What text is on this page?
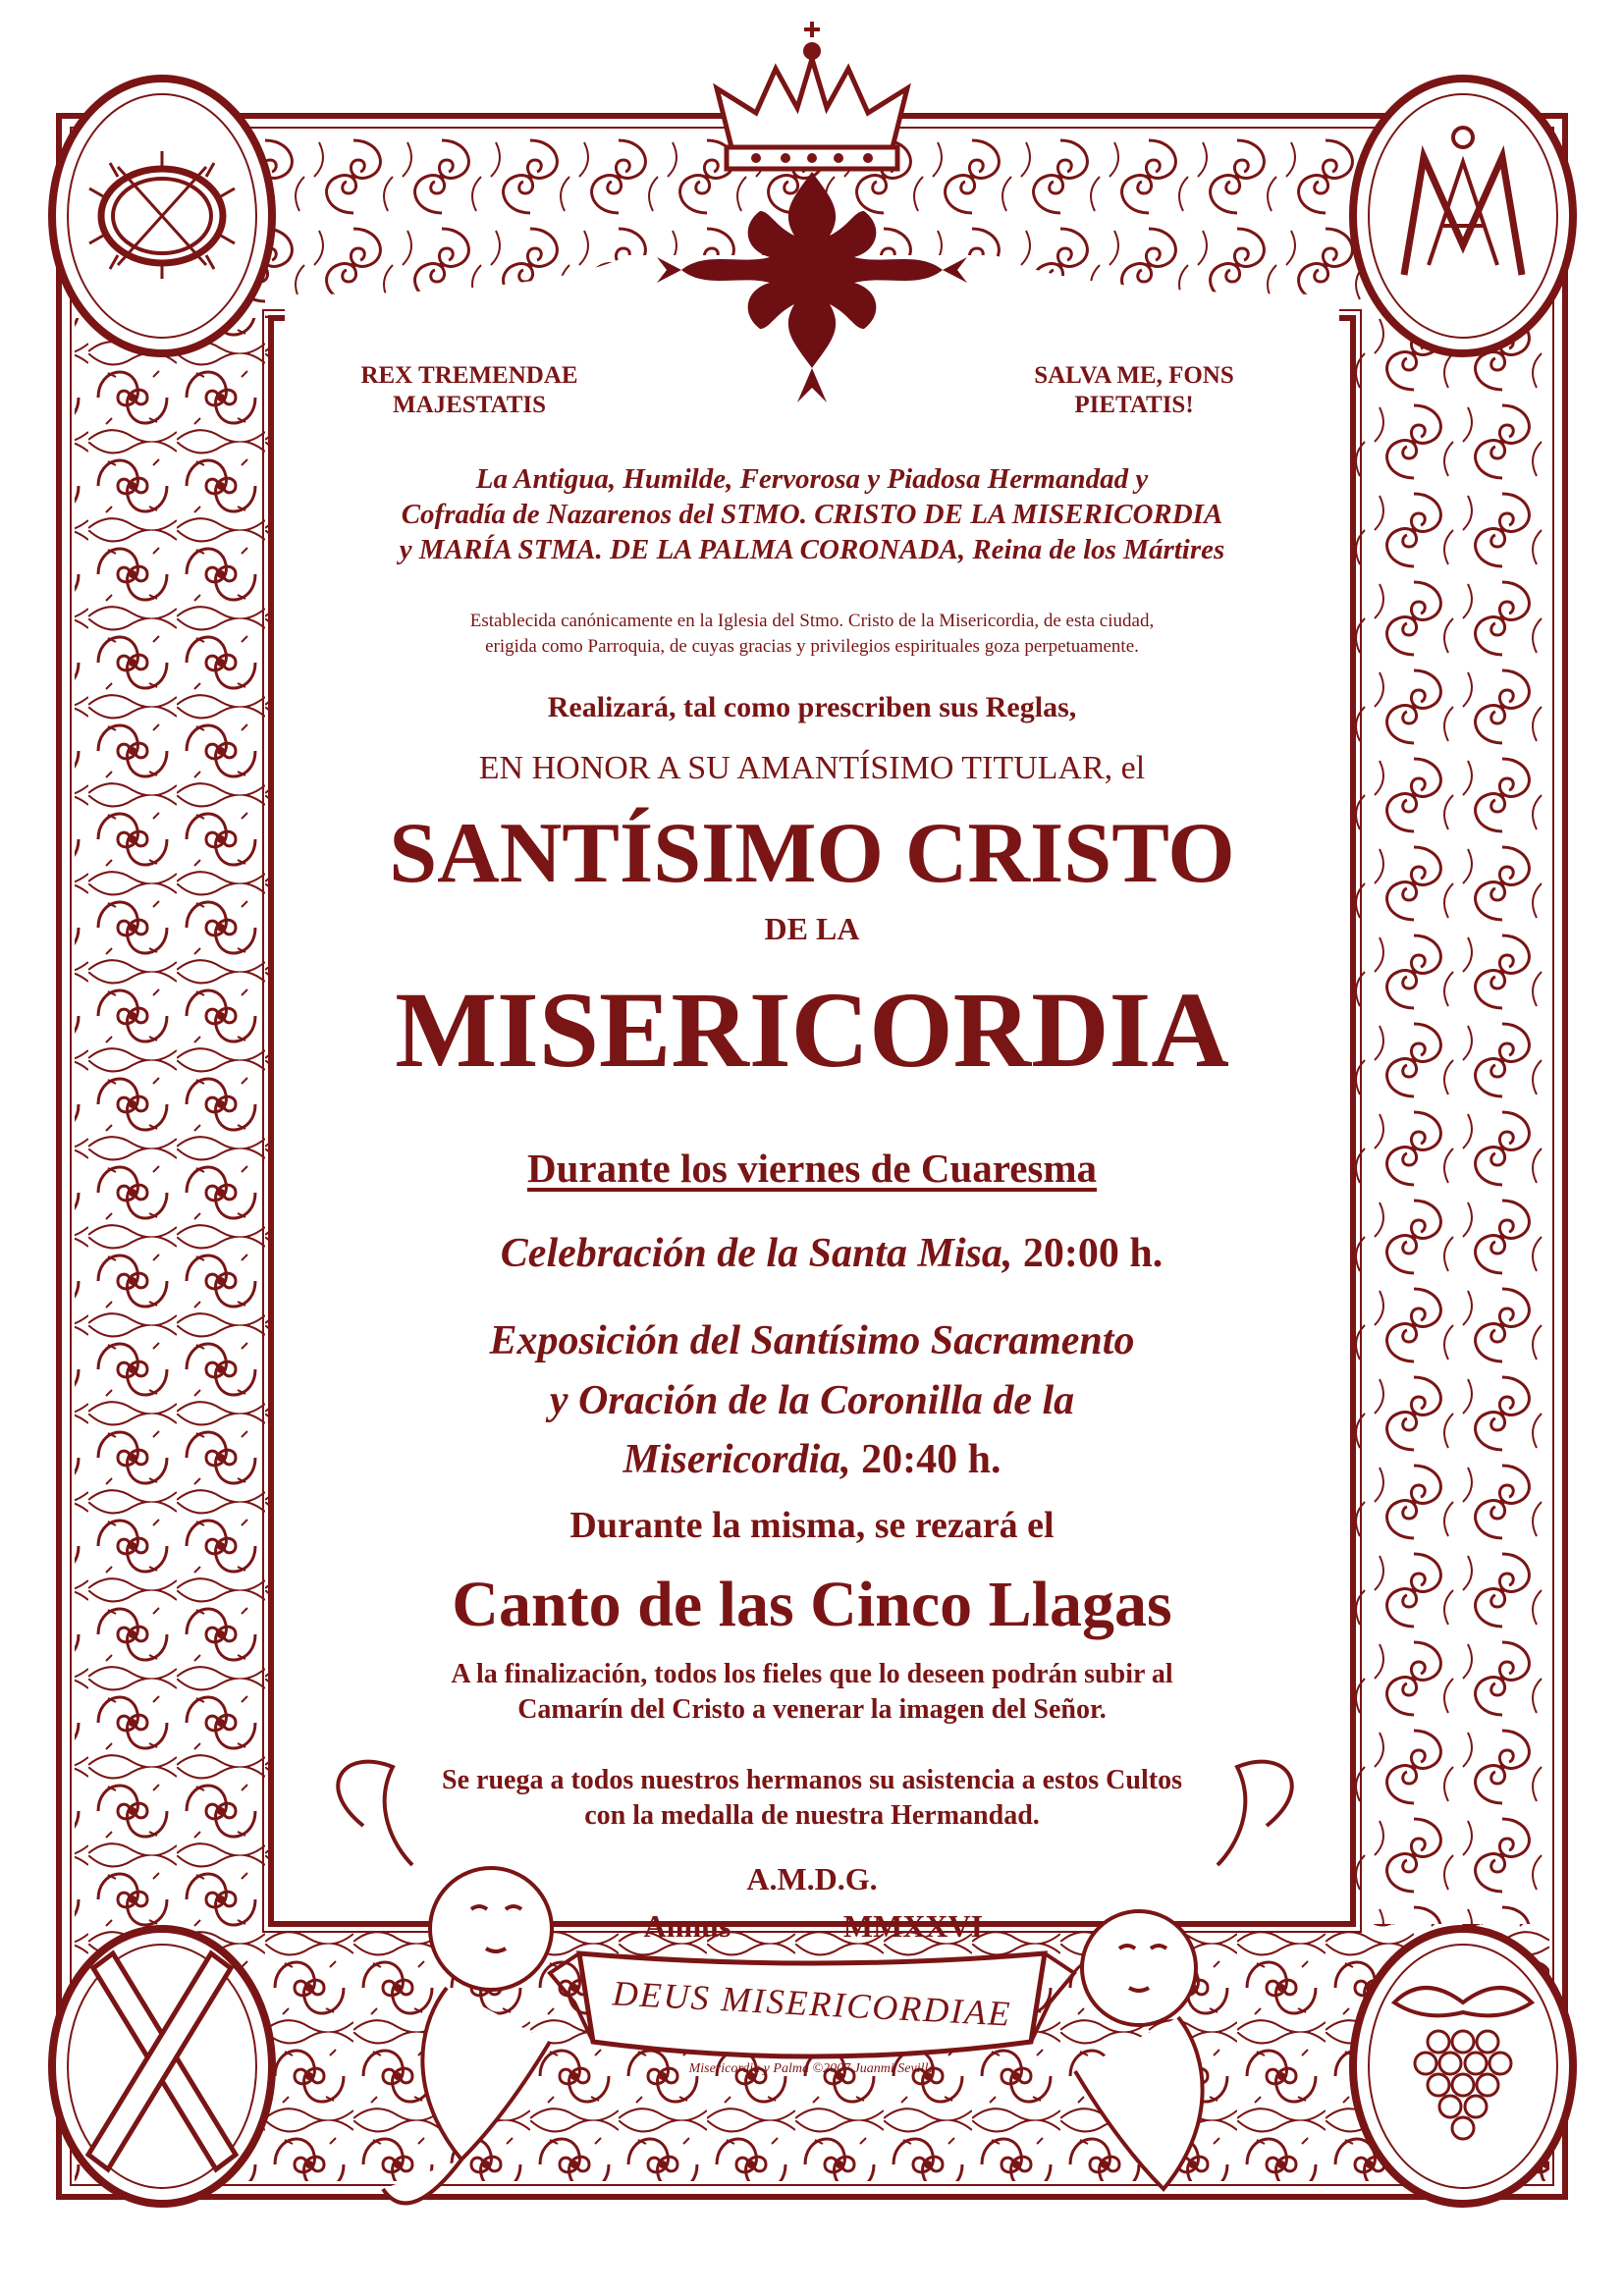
DEUS MISERICORDIAE
Misericordia y Palma ©2007 Juanmi Sevilla
REX TREMENDAE MAJESTATIS
SALVA ME, FONS PIETATIS!
La Antigua, Humilde, Fervorosa y Piadosa Hermandad y
Cofradía de Nazarenos del STMO. CRISTO DE LA MISERICORDIA
y MARÍA STMA. DE LA PALMA CORONADA, Reina de los Mártires
Establecida canónicamente en la Iglesia del Stmo. Cristo de la Misericordia, de esta ciudad,
erigida como Parroquia, de cuyas gracias y privilegios espirituales goza perpetuamente.
Realizará, tal como prescriben sus Reglas,
EN HONOR A SU AMANTÍSIMO TITULAR, el
SANTÍSIMO CRISTO
DE LA
MISERICORDIA
Durante los viernes de Cuaresma
Celebración de la Santa Misa, 20:00 h.
Exposición del Santísimo Sacramento
y Oración de la Coronilla de la
Misericordia, 20:40 h.
Durante la misma, se rezará el
Canto de las Cinco Llagas
A la finalización, todos los fieles que lo deseen podrán subir al
Camarín del Cristo a venerar la imagen del Señor.
Se ruega a todos nuestros hermanos su asistencia a estos Cultos
con la medalla de nuestra Hermandad.
A.M.D.G.
Annus	MMXXVI
